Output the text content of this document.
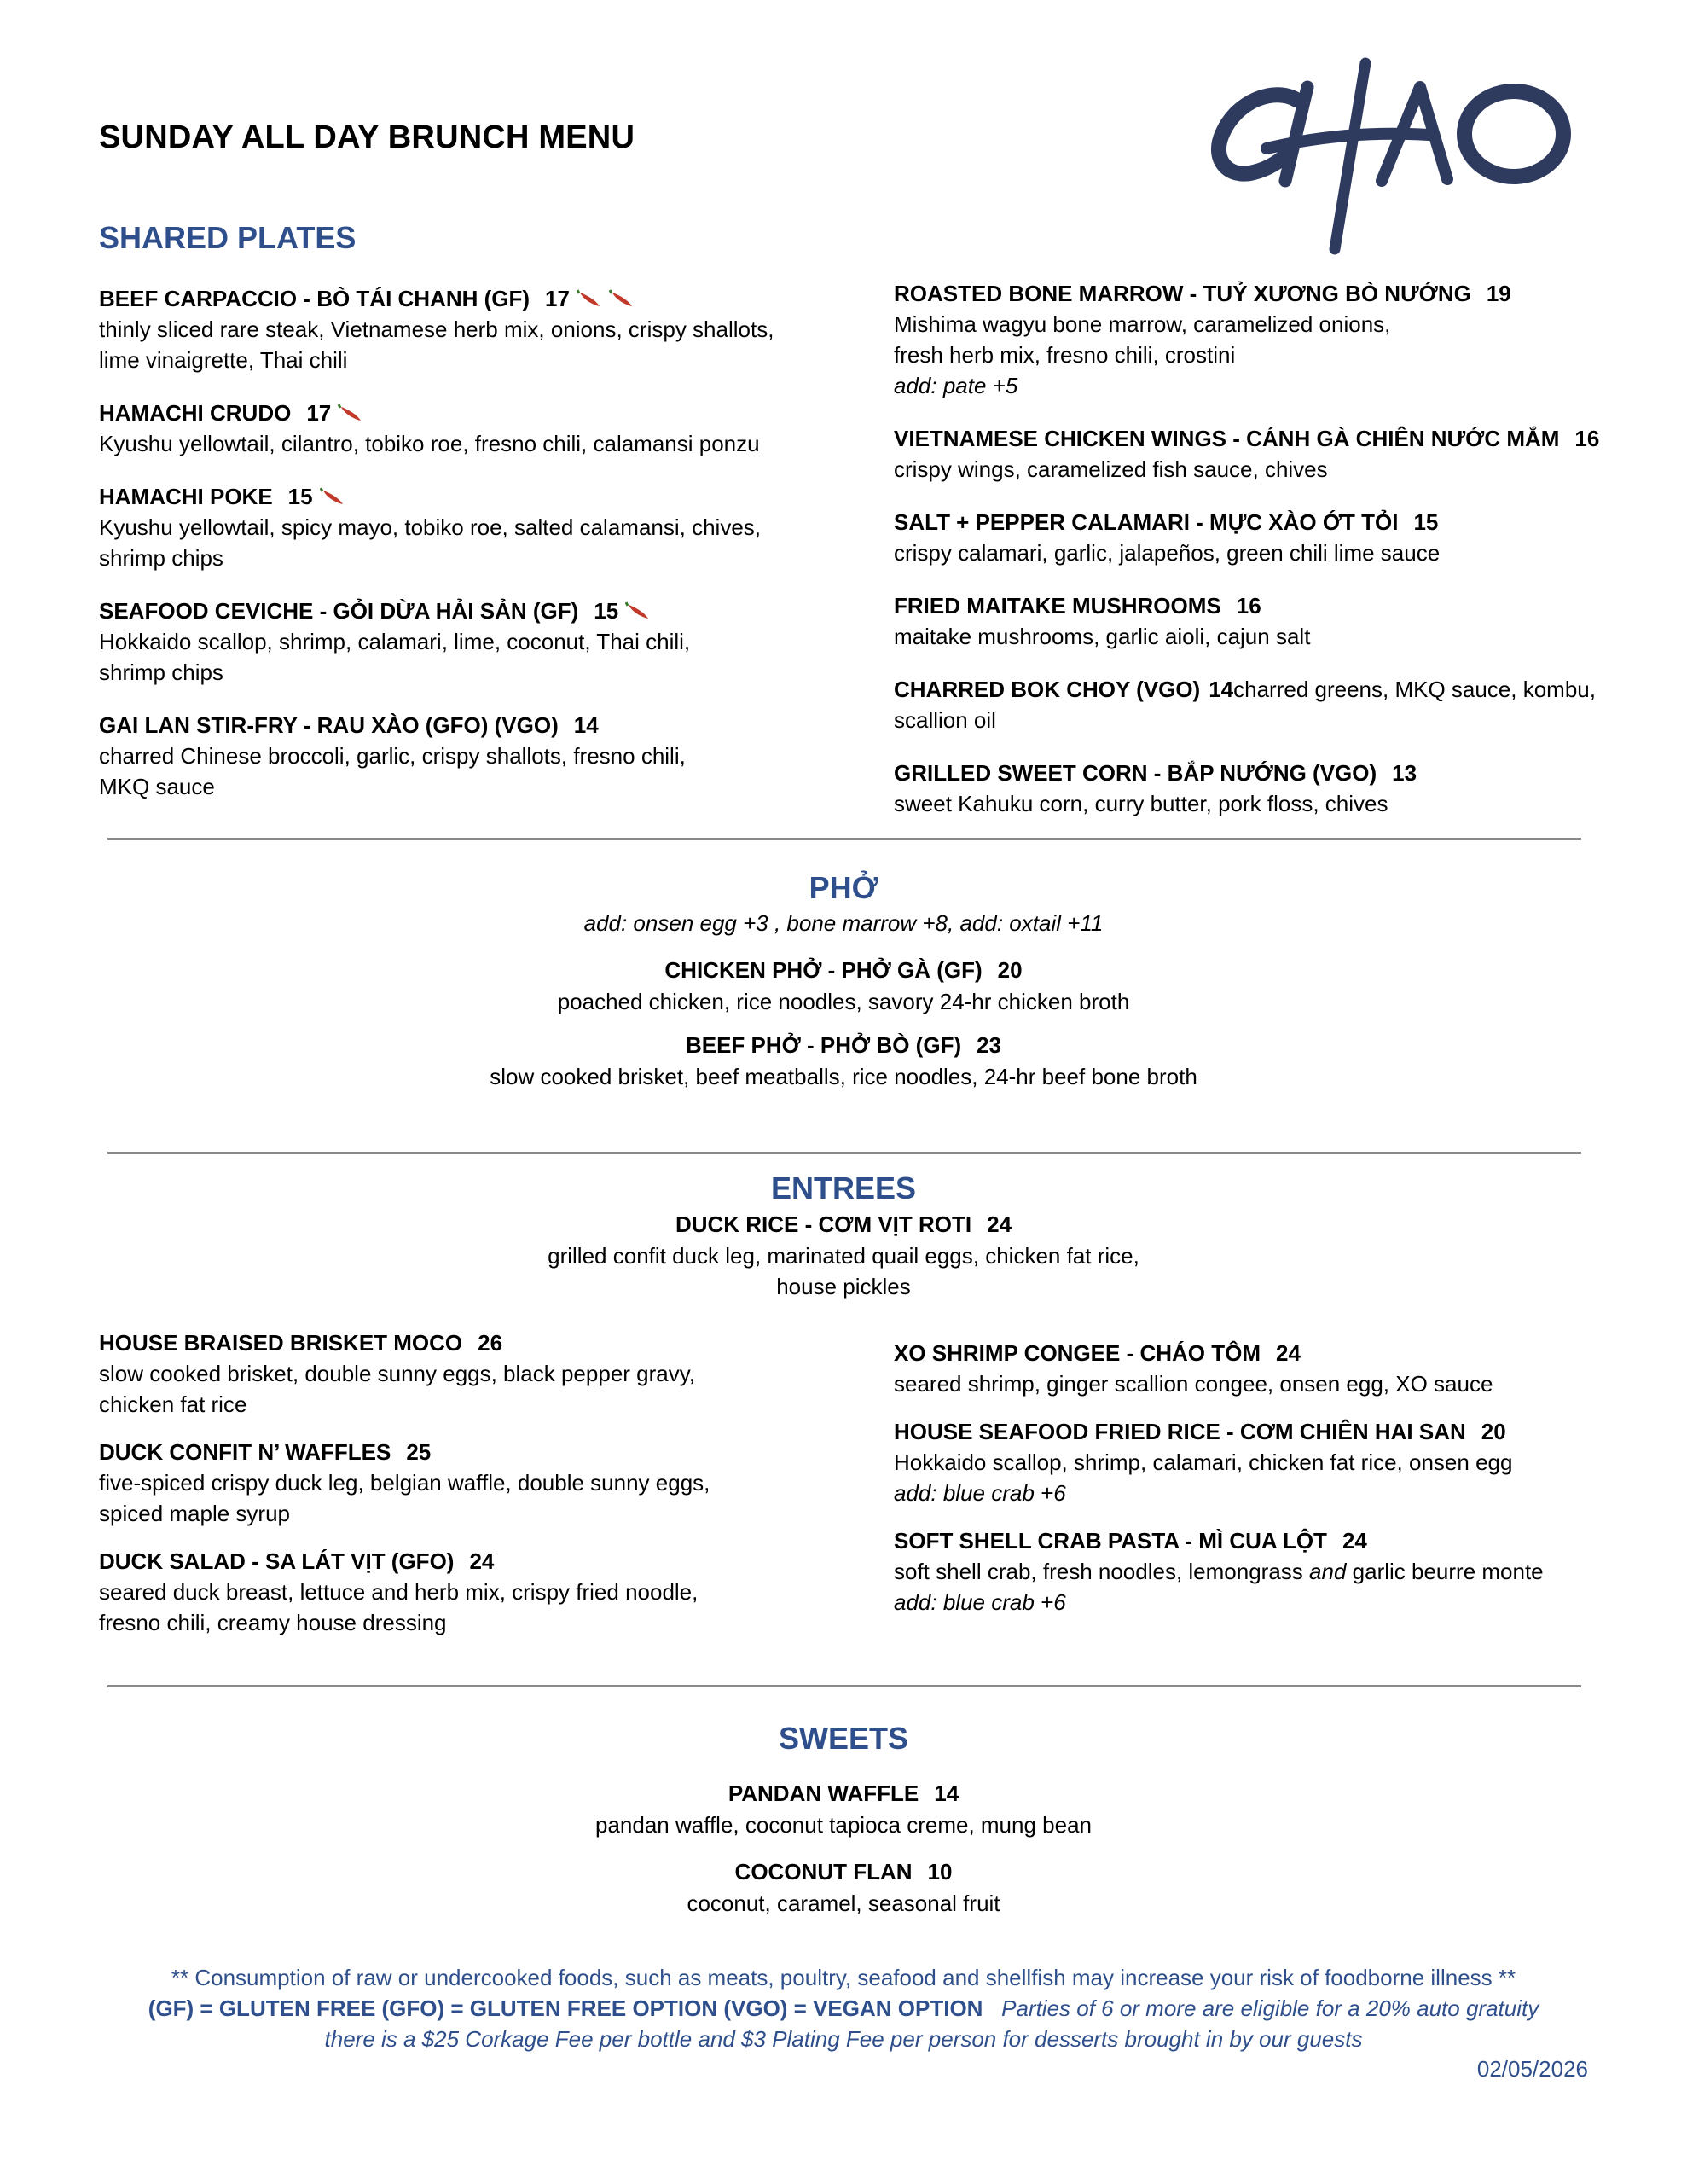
SUNDAY ALL DAY BRUNCH MENU
SHARED PLATES
BEEF CARPACCIO - BÒ TÁI CHANH (GF) 17
thinly sliced rare steak, Vietnamese herb mix, onions, crispy shallots,
lime vinaigrette, Thai chili
HAMACHI CRUDO 17
Kyushu yellowtail, cilantro, tobiko roe, fresno chili, calamansi ponzu
HAMACHI POKE 15
Kyushu yellowtail, spicy mayo, tobiko roe, salted calamansi, chives,
shrimp chips
SEAFOOD CEVICHE - GỎI DỪA HẢI SẢN (GF) 15
Hokkaido scallop, shrimp, calamari, lime, coconut, Thai chili,
shrimp chips
GAI LAN STIR-FRY - RAU XÀO (GFO) (VGO) 14
charred Chinese broccoli, garlic, crispy shallots, fresno chili,
MKQ sauce
ROASTED BONE MARROW - TUỶ XƯƠNG BÒ NƯỚNG 19
Mishima wagyu bone marrow, caramelized onions,
fresh herb mix, fresno chili, crostini
add: pate +5
VIETNAMESE CHICKEN WINGS - CÁNH GÀ CHIÊN NƯỚC MẮM 16
crispy wings, caramelized fish sauce, chives
SALT + PEPPER CALAMARI - MỰC XÀO ỚT TỎI 15
crispy calamari, garlic, jalapeños, green chili lime sauce
FRIED MAITAKE MUSHROOMS 16
maitake mushrooms, garlic aioli, cajun salt
CHARRED BOK CHOY (VGO) 14charred greens, MKQ sauce, kombu,
scallion oil
GRILLED SWEET CORN - BẮP NƯỚNG (VGO) 13
sweet Kahuku corn, curry butter, pork floss, chives
PHỞ
add: onsen egg +3 , bone marrow +8, add: oxtail +11
CHICKEN PHỞ - PHỞ GÀ (GF) 20
poached chicken, rice noodles, savory 24-hr chicken broth
BEEF PHỞ - PHỞ BÒ (GF) 23
slow cooked brisket, beef meatballs, rice noodles, 24-hr beef bone broth
ENTREES
DUCK RICE - CƠM VỊT ROTI 24
grilled confit duck leg, marinated quail eggs, chicken fat rice,
house pickles
HOUSE BRAISED BRISKET MOCO 26
slow cooked brisket, double sunny eggs, black pepper gravy,
chicken fat rice
DUCK CONFIT N’ WAFFLES 25
five-spiced crispy duck leg, belgian waffle, double sunny eggs,
spiced maple syrup
DUCK SALAD - SA LÁT VỊT (GFO) 24
seared duck breast, lettuce and herb mix, crispy fried noodle,
fresno chili, creamy house dressing
XO SHRIMP CONGEE - CHÁO TÔM 24
seared shrimp, ginger scallion congee, onsen egg, XO sauce
HOUSE SEAFOOD FRIED RICE - CƠM CHIÊN HAI SAN 20
Hokkaido scallop, shrimp, calamari, chicken fat rice, onsen egg
add: blue crab +6
SOFT SHELL CRAB PASTA - MÌ CUA LỘT 24
soft shell crab, fresh noodles, lemongrass and garlic beurre monte
add: blue crab +6
SWEETS
PANDAN WAFFLE 14
pandan waffle, coconut tapioca creme, mung bean
COCONUT FLAN 10
coconut, caramel, seasonal fruit
** Consumption of raw or undercooked foods, such as meats, poultry, seafood and shellfish may increase your risk of foodborne illness **
(GF) = GLUTEN FREE (GFO) = GLUTEN FREE OPTION (VGO) = VEGAN OPTION Parties of 6 or more are eligible for a 20% auto gratuity
there is a $25 Corkage Fee per bottle and $3 Plating Fee per person for desserts brought in by our guests
02/05/2026
